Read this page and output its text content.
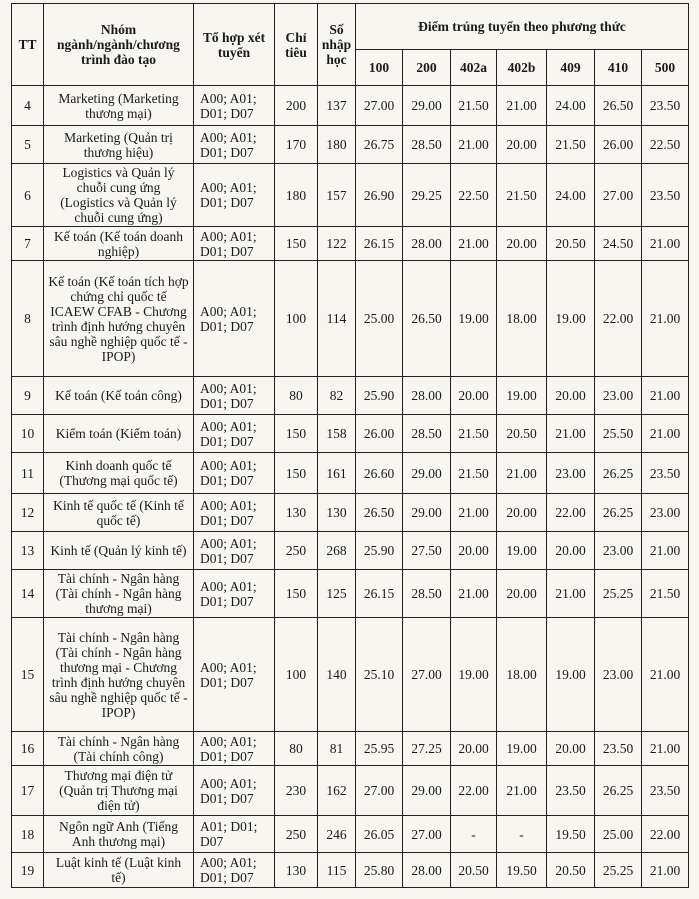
TT	Nhóm ngành/ngành/chương trình đào tạo	Tổ hợp xét tuyển	Chỉ tiêu	Số nhập học	Điểm trúng tuyển theo phương thức						
					100	200	402a	402b	409	410	500
4	Marketing (Marketing thương mại)	A00; A01; D01; D07	200	137	27.00	29.00	21.50	21.00	24.00	26.50	23.50
5	Marketing (Quản trị thương hiệu)	A00; A01; D01; D07	170	180	26.75	28.50	21.00	20.00	21.50	26.00	22.50
6	Logistics và Quản lý chuỗi cung ứng (Logistics và Quản lý chuỗi cung ứng)	A00; A01; D01; D07	180	157	26.90	29.25	22.50	21.50	24.00	27.00	23.50
7	Kế toán (Kế toán doanh nghiệp)	A00; A01; D01; D07	150	122	26.15	28.00	21.00	20.00	20.50	24.50	21.00
8	Kế toán (Kế toán tích hợp chứng chỉ quốc tế ICAEW CFAB - Chương trình định hướng chuyên sâu nghề nghiệp quốc tế - IPOP)	A00; A01; D01; D07	100	114	25.00	26.50	19.00	18.00	19.00	22.00	21.00
9	Kế toán (Kế toán công)	A00; A01; D01; D07	80	82	25.90	28.00	20.00	19.00	20.00	23.00	21.00
10	Kiểm toán (Kiểm toán)	A00; A01; D01; D07	150	158	26.00	28.50	21.50	20.50	21.00	25.50	21.00
11	Kinh doanh quốc tế (Thương mại quốc tế)	A00; A01; D01; D07	150	161	26.60	29.00	21.50	21.00	23.00	26.25	23.50
12	Kinh tế quốc tế (Kinh tế quốc tế)	A00; A01; D01; D07	130	130	26.50	29.00	21.00	20.00	22.00	26.25	23.00
13	Kinh tế (Quản lý kinh tế)	A00; A01; D01; D07	250	268	25.90	27.50	20.00	19.00	20.00	23.00	21.00
14	Tài chính - Ngân hàng (Tài chính - Ngân hàng thương mại)	A00; A01; D01; D07	150	125	26.15	28.50	21.00	20.00	21.00	25.25	21.50
15	Tài chính - Ngân hàng (Tài chính - Ngân hàng thương mại - Chương trình định hướng chuyên sâu nghề nghiệp quốc tế - IPOP)	A00; A01; D01; D07	100	140	25.10	27.00	19.00	18.00	19.00	23.00	21.00
16	Tài chính - Ngân hàng (Tài chính công)	A00; A01; D01; D07	80	81	25.95	27.25	20.00	19.00	20.00	23.50	21.00
17	Thương mại điện tử (Quản trị Thương mại điện tử)	A00; A01; D01; D07	230	162	27.00	29.00	22.00	21.00	23.50	26.25	23.50
18	Ngôn ngữ Anh (Tiếng Anh thương mại)	A01; D01; D07	250	246	26.05	27.00	-	-	19.50	25.00	22.00
19	Luật kinh tế (Luật kinh tế)	A00; A01; D01; D07	130	115	25.80	28.00	20.50	19.50	20.50	25.25	21.00
